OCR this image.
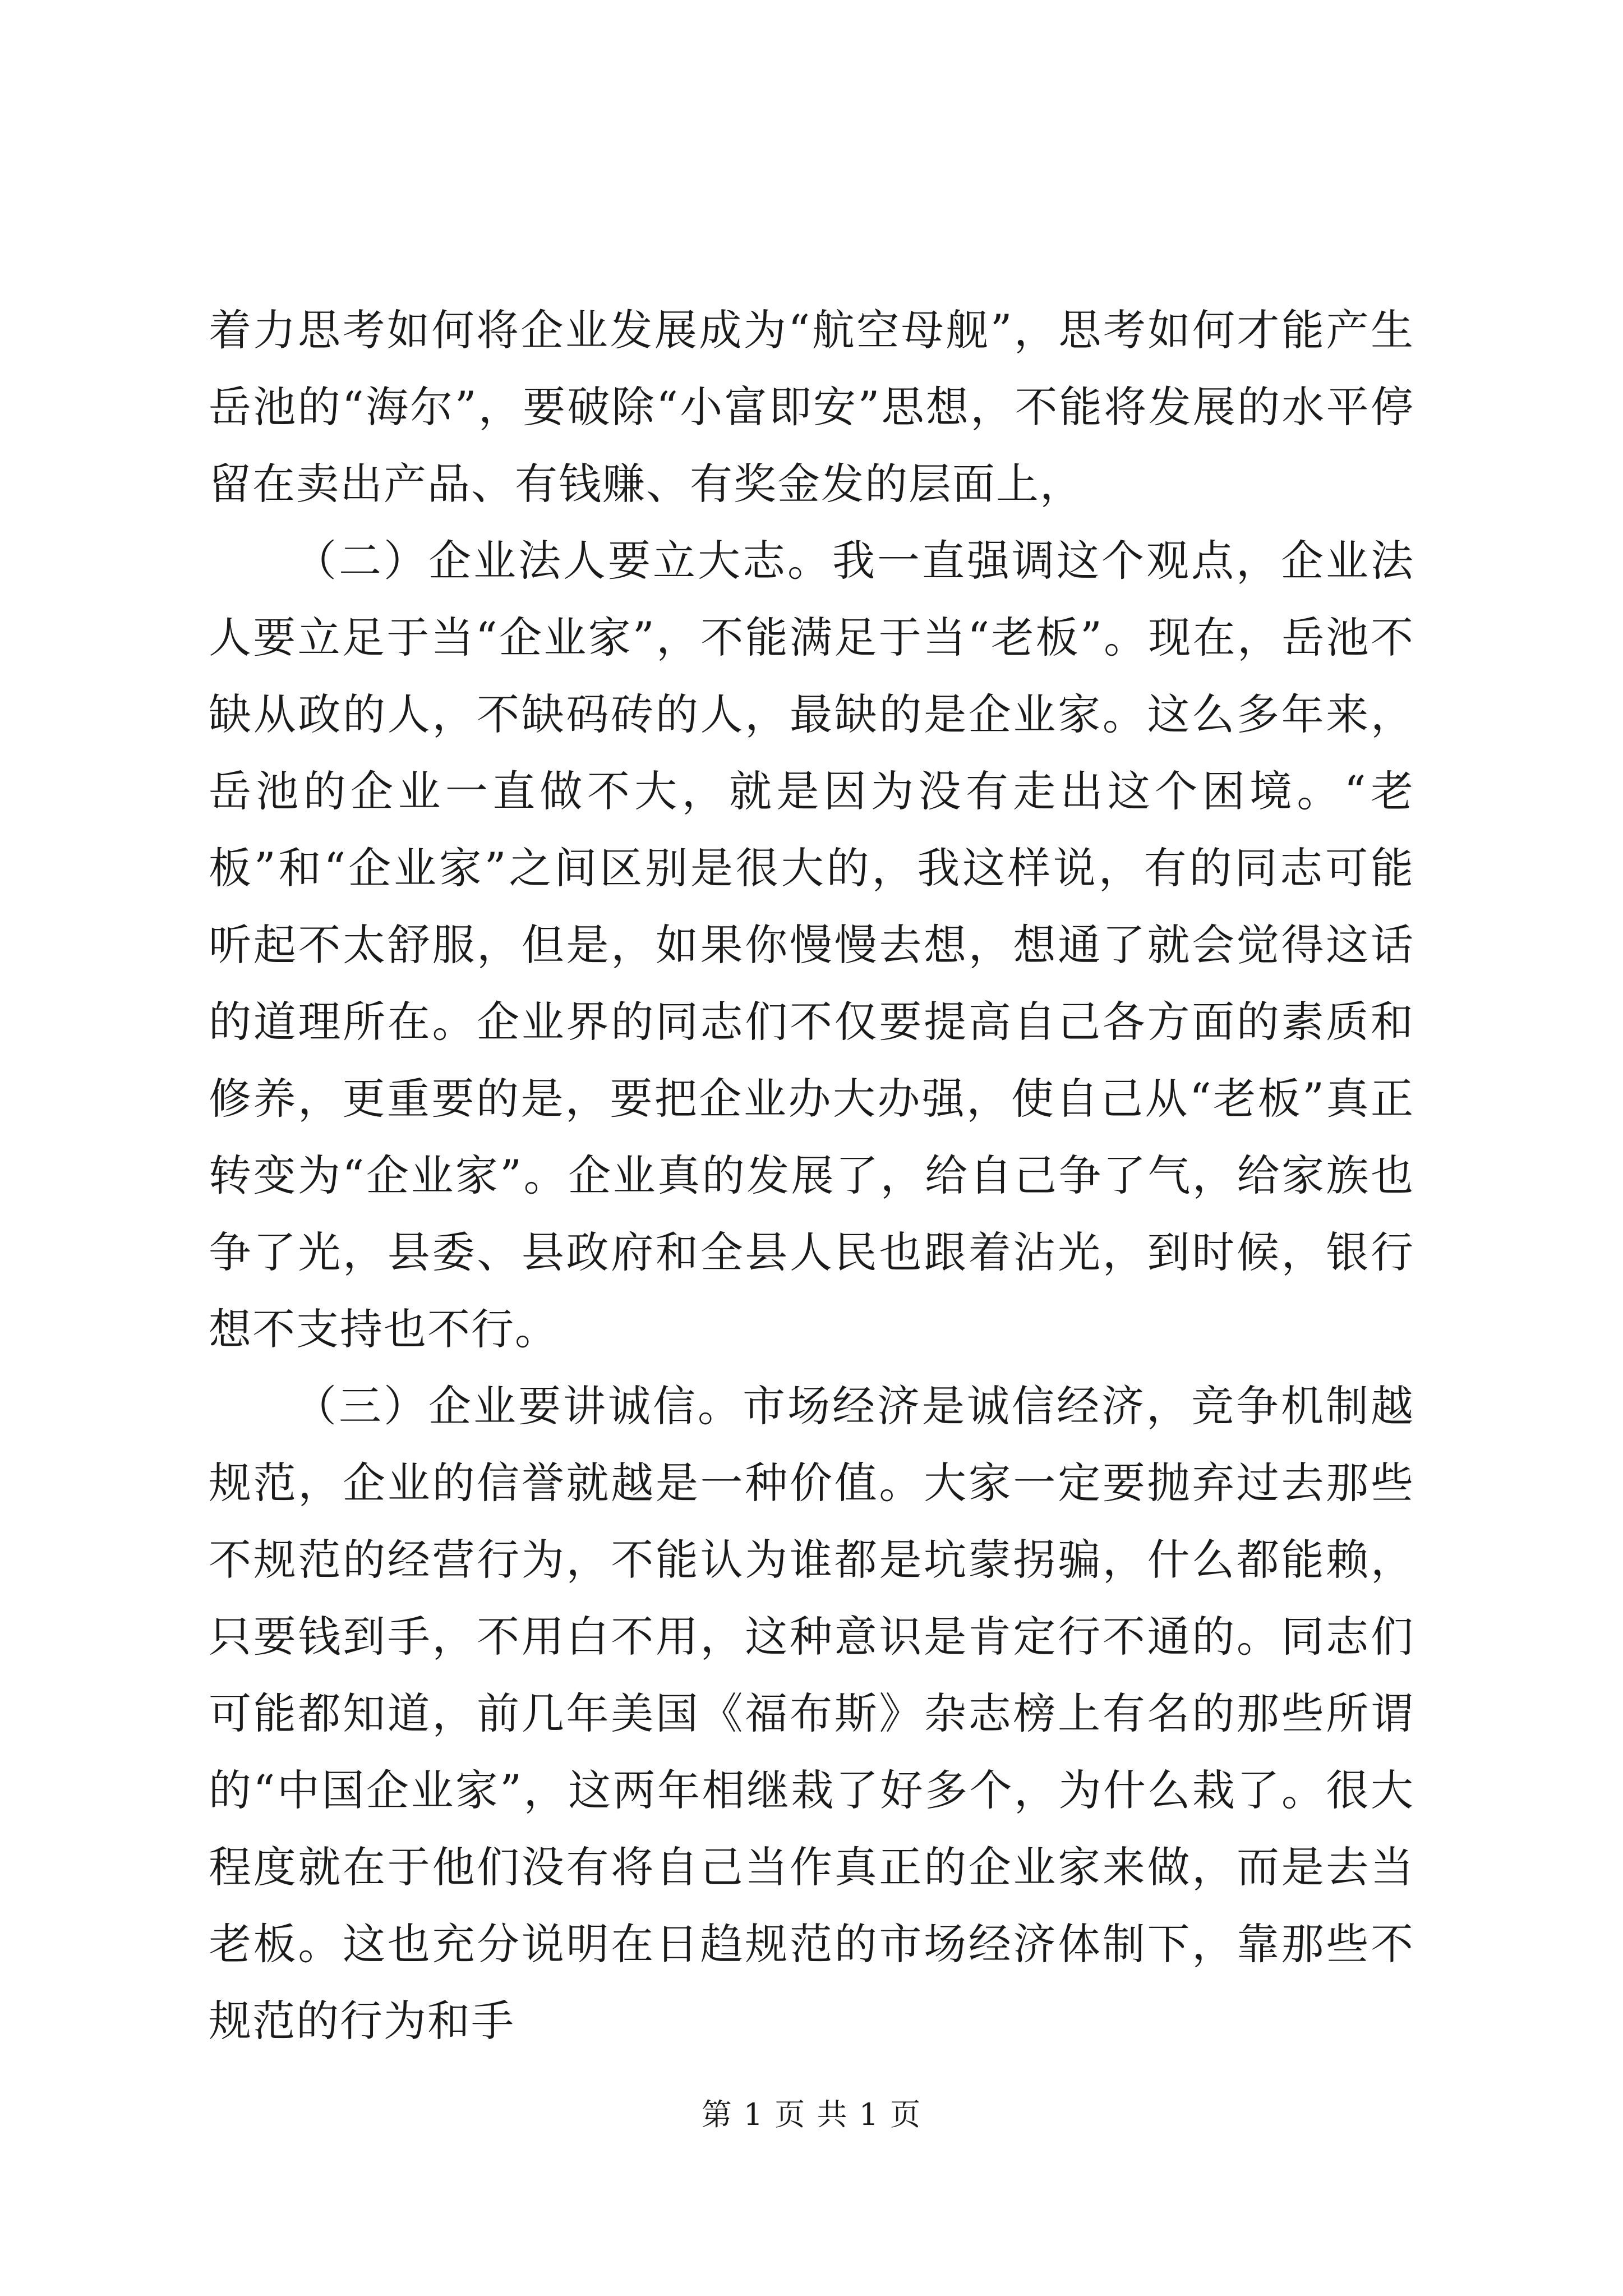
着力思考如何将企业发展成为“航空母舰”，思考如何才能产生岳池的“海尔”，要破除“小富即安”思想，不能将发展的水平停留在卖出产品、有钱赚、有奖金发的层面上，

（二）企业法人要立大志。我一直强调这个观点，企业法人要立足于当“企业家”，不能满足于当“老板”。现在，岳池不缺从政的人，不缺码砖的人，最缺的是企业家。这么多年来，岳池的企业一直做不大，就是因为没有走出这个困境。“老板”和“企业家”之间区别是很大的，我这样说，有的同志可能听起不太舒服，但是，如果你慢慢去想，想通了就会觉得这话的道理所在。企业界的同志们不仅要提高自己各方面的素质和修养，更重要的是，要把企业办大办强，使自己从“老板”真正转变为“企业家”。企业真的发展了，给自己争了气，给家族也争了光，县委、县政府和全县人民也跟着沾光，到时候，银行想不支持也不行。

（三）企业要讲诚信。市场经济是诚信经济，竞争机制越规范，企业的信誉就越是一种价值。大家一定要抛弃过去那些不规范的经营行为，不能认为谁都是坑蒙拐骗，什么都能赖，只要钱到手，不用白不用，这种意识是肯定行不通的。同志们可能都知道，前几年美国《福布斯》杂志榜上有名的那些所谓的“中国企业家”，这两年相继栽了好多个，为什么栽了。很大程度就在于他们没有将自己当作真正的企业家来做，而是去当老板。这也充分说明在日趋规范的市场经济体制下，靠那些不规范的行为和手

第 1 页 共 1 页
